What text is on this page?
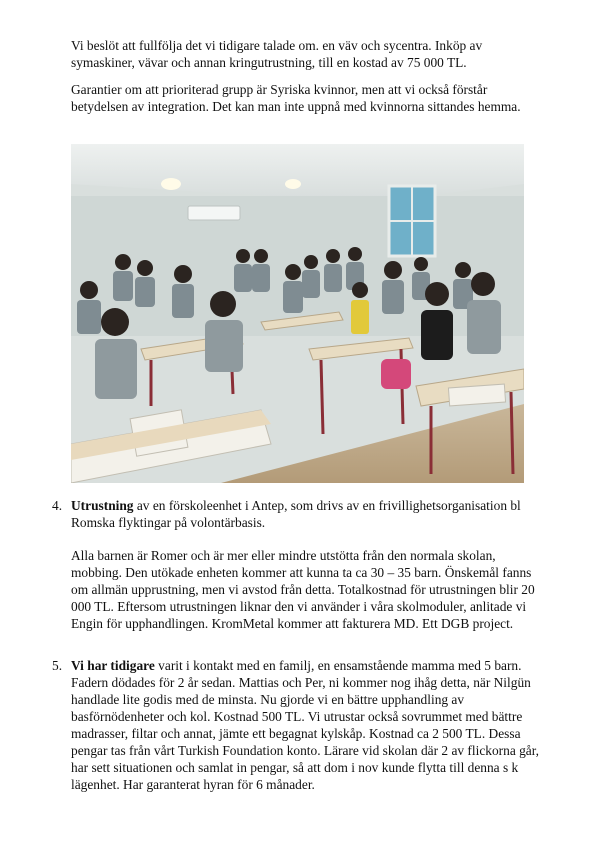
Vi beslöt att fullfölja det vi tidigare talade om. en väv och sycentra. Inköp av symaskiner, vävar och annan kringutrustning, till en kostad av 75 000 TL.

Garantier om att prioriterad grupp är Syriska kvinnor, men att vi också förstår betydelsen av integration. Det kan man inte uppnå med kvinnorna sittandes hemma.

4. Utrustning av en förskoleenhet i Antep, som drivs av en frivillighetsorganisation bl Romska flyktingar på volontärbasis.

Alla barnen är Romer och är mer eller mindre utstötta från den normala skolan, mobbing. Den utökade enheten kommer att kunna ta ca 30 – 35 barn. Önskemål fanns om allmän upprustning, men vi avstod från detta. Totalkostnad för utrustningen blir 20 000 TL. Eftersom utrustningen liknar den vi använder i våra skolmoduler, anlitade vi Engin för upphandlingen. KromMetal kommer att fakturera MD. Ett DGB project.

5. Vi har tidigare varit i kontakt med en familj, en ensamstående mamma med 5 barn. Fadern dödades för 2 år sedan. Mattias och Per, ni kommer nog ihåg detta, när Nilgün handlade lite godis med de minsta. Nu gjorde vi en bättre upphandling av basförnödenheter och kol. Kostnad 500 TL. Vi utrustar också sovrummet med bättre madrasser, filtar och annat, jämte ett begagnat kylskåp. Kostnad ca 2 500 TL. Dessa pengar tas från vårt Turkish Foundation konto. Lärare vid skolan där 2 av flickorna går, har sett situationen och samlat in pengar, så att dom i nov kunde flytta till denna s k lägenhet. Har garanterat hyran för 6 månader.
